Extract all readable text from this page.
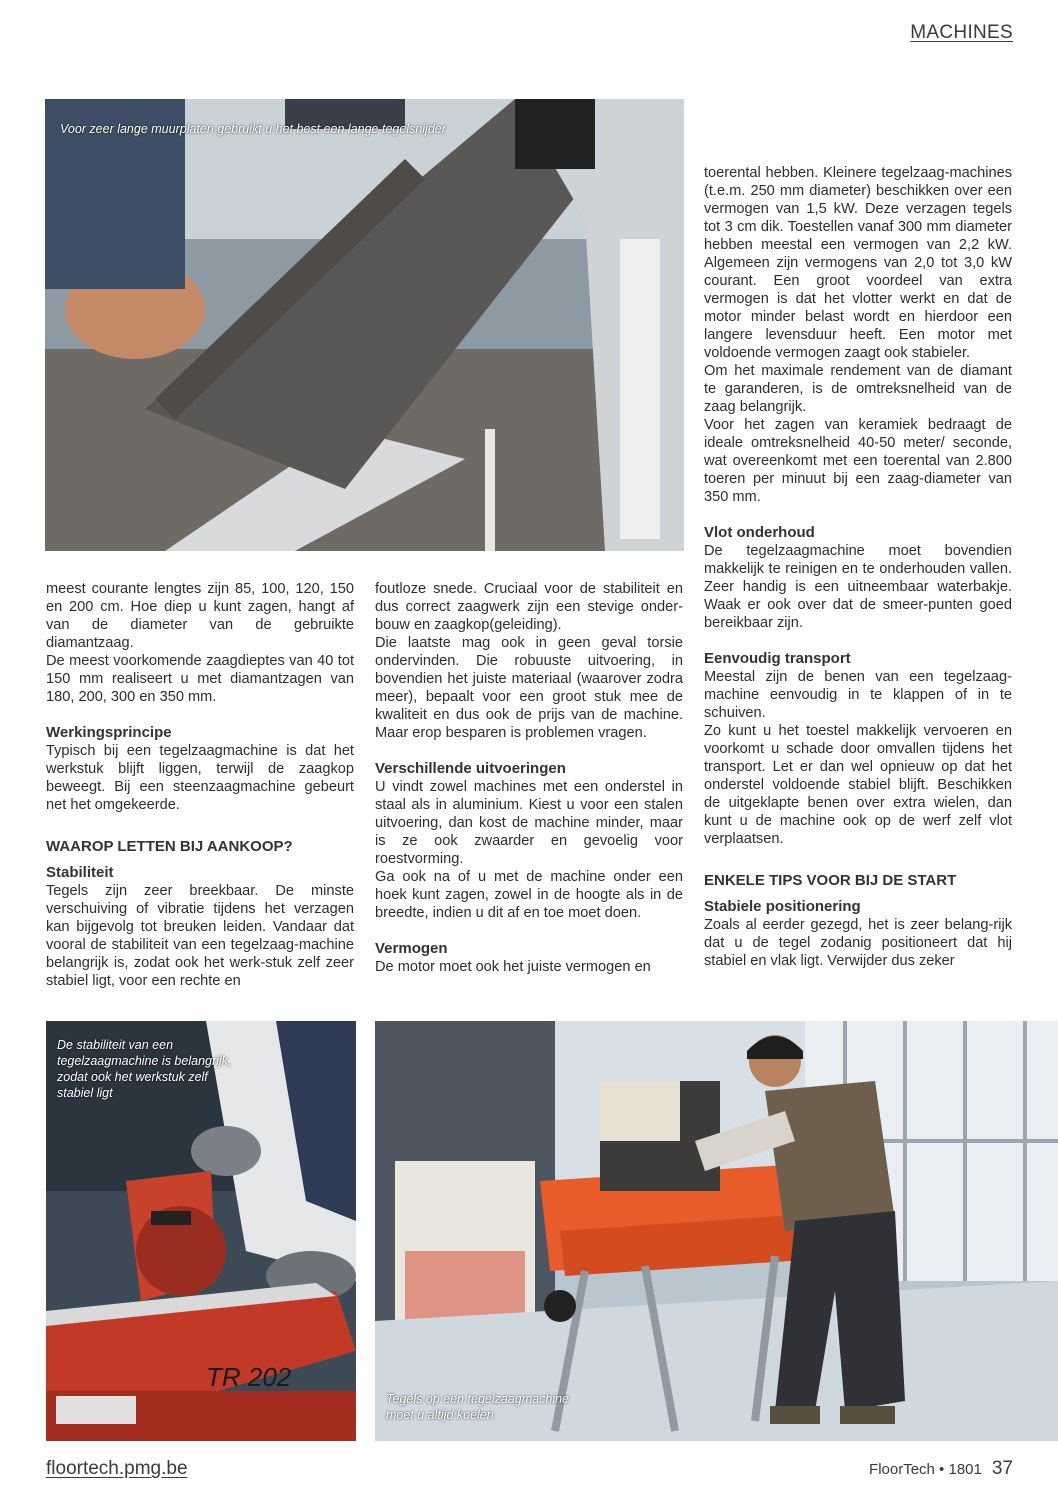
MACHINES
Voor zeer lange muurplaten gebruikt u het best een lange tegelsnijder

meest courante lengtes zijn 85, 100, 120, 150 en 200 cm. Hoe diep u kunt zagen, hangt af van de diameter van de gebruikte diamantzaag.

De meest voorkomende zaagdieptes van 40 tot 150 mm realiseert u met diamantzagen van 180, 200, 300 en 350 mm.

Werkingsprincipe

Typisch bij een tegelzaagmachine is dat het werkstuk blijft liggen, terwijl de zaagkop beweegt. Bij een steenzaagmachine gebeurt net het omgekeerde.

WAAROP LETTEN BIJ AANKOOP?
Stabiliteit

Tegels zijn zeer breekbaar. De minste verschuiving of vibratie tijdens het verzagen kan bijgevolg tot breuken leiden. Vandaar dat vooral de stabiliteit van een tegelzaag-machine belangrijk is, zodat ook het werk-stuk zelf zeer stabiel ligt, voor een rechte en

foutloze snede. Cruciaal voor de stabiliteit en dus correct zaagwerk zijn een stevige onder-bouw en zaagkop(geleiding).

Die laatste mag ook in geen geval torsie ondervinden. Die robuuste uitvoering, in bovendien het juiste materiaal (waarover zodra meer), bepaalt voor een groot stuk mee de kwaliteit en dus ook de prijs van de machine. Maar erop besparen is problemen vragen.

Verschillende uitvoeringen

U vindt zowel machines met een onderstel in staal als in aluminium. Kiest u voor een stalen uitvoering, dan kost de machine minder, maar is ze ook zwaarder en gevoelig voor roestvorming.

Ga ook na of u met de machine onder een hoek kunt zagen, zowel in de hoogte als in de breedte, indien u dit af en toe moet doen.

Vermogen

De motor moet ook het juiste vermogen en

toerental hebben. Kleinere tegelzaag-machines (t.e.m. 250 mm diameter) beschikken over een vermogen van 1,5 kW. Deze verzagen tegels tot 3 cm dik. Toestellen vanaf 300 mm diameter hebben meestal een vermogen van 2,2 kW. Algemeen zijn vermogens van 2,0 tot 3,0 kW courant. Een groot voordeel van extra vermogen is dat het vlotter werkt en dat de motor minder belast wordt en hierdoor een langere levensduur heeft. Een motor met voldoende vermogen zaagt ook stabieler.

Om het maximale rendement van de diamant te garanderen, is de omtreksnelheid van de zaag belangrijk.

Voor het zagen van keramiek bedraagt de ideale omtreksnelheid 40-50 meter/ seconde, wat overeenkomt met een toerental van 2.800 toeren per minuut bij een zaag-diameter van 350 mm.

Vlot onderhoud

De tegelzaagmachine moet bovendien makkelijk te reinigen en te onderhouden vallen. Zeer handig is een uitneembaar waterbakje. Waak er ook over dat de smeer-punten goed bereikbaar zijn.

Eenvoudig transport

Meestal zijn de benen van een tegelzaag-machine eenvoudig in te klappen of in te schuiven.

Zo kunt u het toestel makkelijk vervoeren en voorkomt u schade door omvallen tijdens het transport. Let er dan wel opnieuw op dat het onderstel voldoende stabiel blijft. Beschikken de uitgeklapte benen over extra wielen, dan kunt u de machine ook op de werf zelf vlot verplaatsen.

ENKELE TIPS VOOR BIJ DE START
Stabiele positionering

Zoals al eerder gezegd, het is zeer belang-rijk dat u de tegel zodanig positioneert dat hij stabiel en vlak ligt. Verwijder dus zeker

TR 202
De stabiliteit van een tegelzaagmachine is belangrijk, zodat ook het werkstuk zelf stabiel ligt
Tegels op een tegelzaagmachine moet u altijd koelen
floortech.pmg.be	FloorTech • 1801 37
